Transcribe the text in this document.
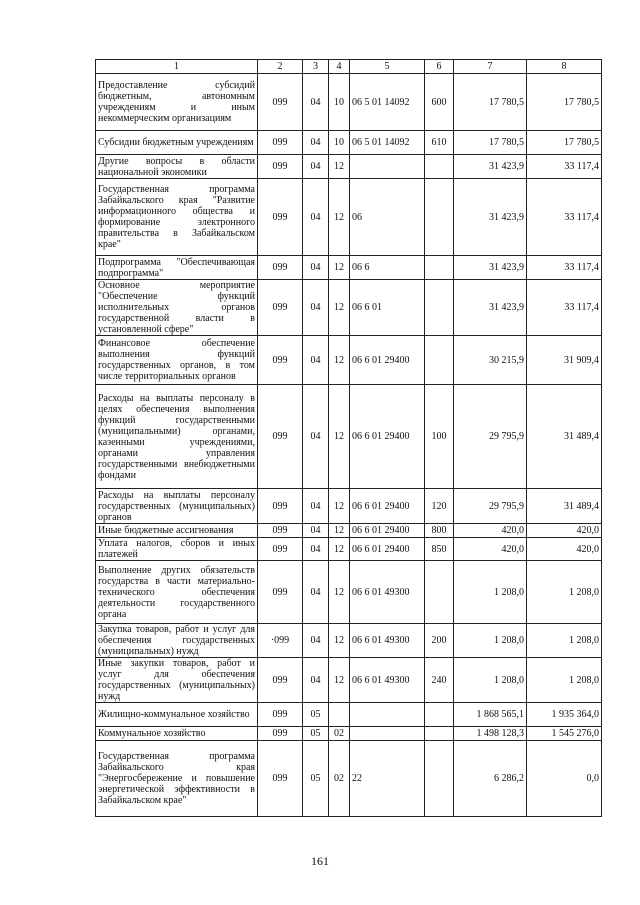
1	2	3	4	5	6	7	8
Предоставление субсидий бюджетным, автономным учреждениям и иным некоммерческим организациям	099	04	10	06 5 01 14092	600	17 780,5	17 780,5
Субсидии бюджетным учреждениям	099	04	10	06 5 01 14092	610	17 780,5	17 780,5
Другие вопросы в области национальной экономики	099	04	12			31 423,9	33 117,4
Государственная программа Забайкальского края "Развитие информационного общества и формирование электронного правительства в Забайкальском крае"	099	04	12	06		31 423,9	33 117,4
Подпрограмма "Обеспечивающая подпрограмма"	099	04	12	06 6		31 423,9	33 117,4
Основное мероприятие "Обеспечение функций исполнительных органов государственной власти в установленной сфере"	099	04	12	06 6 01		31 423,9	33 117,4
Финансовое обеспечение выполнения функций государственных органов, в том числе территориальных органов	099	04	12	06 6 01 29400		30 215,9	31 909,4
Расходы на выплаты персоналу в целях обеспечения выполнения функций государственными (муниципальными) органами, казенными учреждениями, органами управления государственными внебюджетными фондами	099	04	12	06 6 01 29400	100	29 795,9	31 489,4
Расходы на выплаты персоналу государственных (муниципальных) органов	099	04	12	06 6 01 29400	120	29 795,9	31 489,4
Иные бюджетные ассигнования	099	04	12	06 6 01 29400	800	420,0	420,0
Уплата налогов, сборов и иных платежей	099	04	12	06 6 01 29400	850	420,0	420,0
Выполнение других обязательств государства в части материально-технического обеспечения деятельности государственного органа	099	04	12	06 6 01 49300		1 208,0	1 208,0
Закупка товаров, работ и услуг для обеспечения государственных (муниципальных) нужд	·099	04	12	06 6 01 49300	200	1 208,0	1 208,0
Иные закупки товаров, работ и услуг для обеспечения государственных (муниципальных) нужд	099	04	12	06 6 01 49300	240	1 208,0	1 208,0
Жилищно-коммунальное хозяйство	099	05				1 868 565,1	1 935 364,0
Коммунальное хозяйство	099	05	02			1 498 128,3	1 545 276,0
Государственная программа Забайкальского края "Энергосбережение и повышение энергетической эффективности в Забайкальском крае"	099	05	02	22		6 286,2	0,0
161
